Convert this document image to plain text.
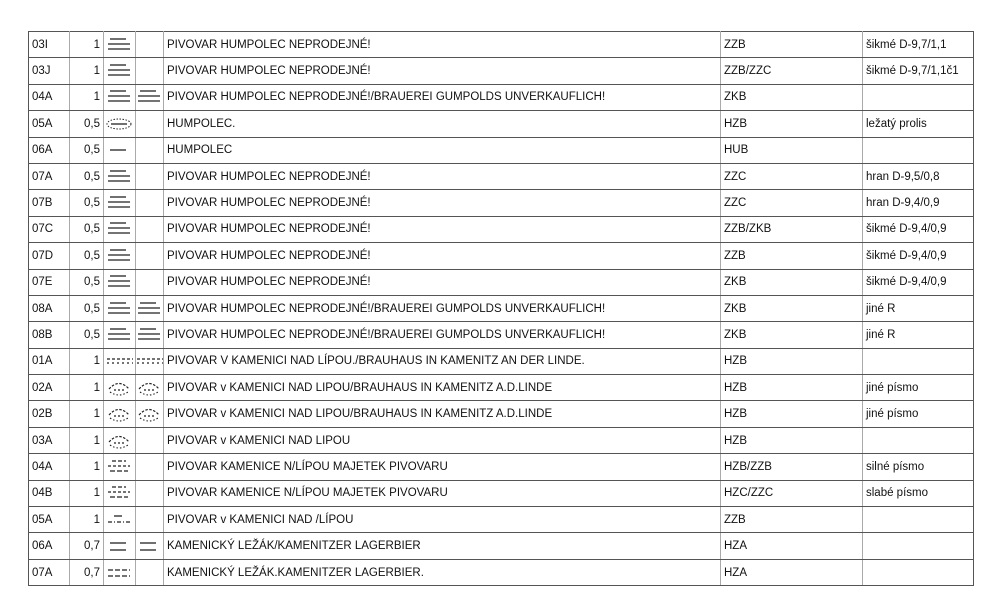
03I	1			PIVOVAR HUMPOLEC NEPRODEJNÉ!	ZZB	šikmé D-9,7/1,1
03J	1			PIVOVAR HUMPOLEC NEPRODEJNÉ!	ZZB/ZZC	šikmé D-9,7/1,1č1
04A	1			PIVOVAR HUMPOLEC NEPRODEJNÉ!/BRAUEREI GUMPOLDS UNVERKAUFLICH!	ZKB	
05A	0,5			HUMPOLEC.	HZB	ležatý prolis
06A	0,5			HUMPOLEC	HUB	
07A	0,5			PIVOVAR HUMPOLEC NEPRODEJNÉ!	ZZC	hran D-9,5/0,8
07B	0,5			PIVOVAR HUMPOLEC NEPRODEJNÉ!	ZZC	hran D-9,4/0,9
07C	0,5			PIVOVAR HUMPOLEC NEPRODEJNÉ!	ZZB/ZKB	šikmé D-9,4/0,9
07D	0,5			PIVOVAR HUMPOLEC NEPRODEJNÉ!	ZZB	šikmé D-9,4/0,9
07E	0,5			PIVOVAR HUMPOLEC NEPRODEJNÉ!	ZKB	šikmé D-9,4/0,9
08A	0,5			PIVOVAR HUMPOLEC NEPRODEJNÉ!/BRAUEREI GUMPOLDS UNVERKAUFLICH!	ZKB	jiné R
08B	0,5			PIVOVAR HUMPOLEC NEPRODEJNÉ!/BRAUEREI GUMPOLDS UNVERKAUFLICH!	ZKB	jiné R
01A	1			PIVOVAR V KAMENICI NAD LÍPOU./BRAUHAUS IN KAMENITZ AN DER LINDE.	HZB	
02A	1			PIVOVAR v KAMENICI NAD LIPOU/BRAUHAUS IN KAMENITZ A.D.LINDE	HZB	jiné písmo
02B	1			PIVOVAR v KAMENICI NAD LIPOU/BRAUHAUS IN KAMENITZ A.D.LINDE	HZB	jiné písmo
03A	1			PIVOVAR v KAMENICI NAD LIPOU	HZB	
04A	1			PIVOVAR KAMENICE N/LÍPOU MAJETEK PIVOVARU	HZB/ZZB	silné písmo
04B	1			PIVOVAR KAMENICE N/LÍPOU MAJETEK PIVOVARU	HZC/ZZC	slabé písmo
05A	1			PIVOVAR v KAMENICI NAD /LÍPOU	ZZB	
06A	0,7			KAMENICKÝ LEŽÁK/KAMENITZER LAGERBIER	HZA	
07A	0,7			KAMENICKÝ LEŽÁK.KAMENITZER LAGERBIER.	HZA	
